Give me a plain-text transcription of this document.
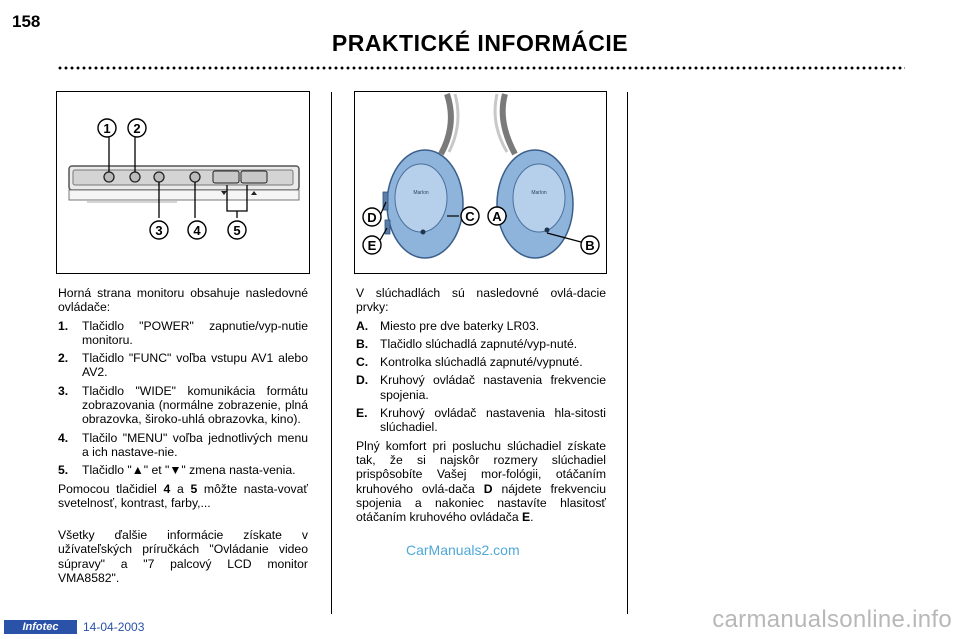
158
PRAKTICKÉ INFORMÁCIE
1 2
3 4	5
Marlon	Marlon
D
E
C A
B

Horná strana monitoru obsahuje nasledovné ovládače:

1.	Tlačidlo "POWER" zapnutie/vyp-nutie monitoru.
2.	Tlačidlo "FUNC" voľba vstupu AV1 alebo AV2.
3.	Tlačidlo "WIDE" komunikácia formátu zobrazovania (normálne zobrazenie, plná obrazovka, široko-uhlá obrazovka, kino).
4.	Tlačilo "MENU" voľba jednotlivých menu a ich nastave-nie.
5.	Tlačidlo "▲" et "▼" zmena nasta-venia.

Pomocou tlačidiel 4 a 5 môžte nasta-vovať svetelnosť, kontrast, farby,...

Všetky ďalšie informácie získate v užívateľských príručkách "Ovládanie video súpravy" a "7 palcový LCD monitor VMA8582".

V slúchadlách sú nasledovné ovlá-dacie prvky:

A. Miesto pre dve baterky LR03.
B. Tlačidlo slúchadlá zapnuté/vyp-nuté.
C. Kontrolka slúchadlá zapnuté/vypnuté.
D. Kruhový ovládač nastavenia frekvencie spojenia.
E.	Kruhový ovládač nastavenia hla-sitosti slúchadiel.

Plný komfort pri posluchu slúchadiel získate tak, že si najskôr rozmery slúchadiel prispôsobíte Vašej mor-fológii, otáčaním kruhového ovlá-dača D nájdete frekvenciu spojenia a nakoniec nastavíte hlasitosť otáčaním kruhového ovládača E.

CarManuals2.com
Infotec	14-04-2003	carmanualsonline.info
